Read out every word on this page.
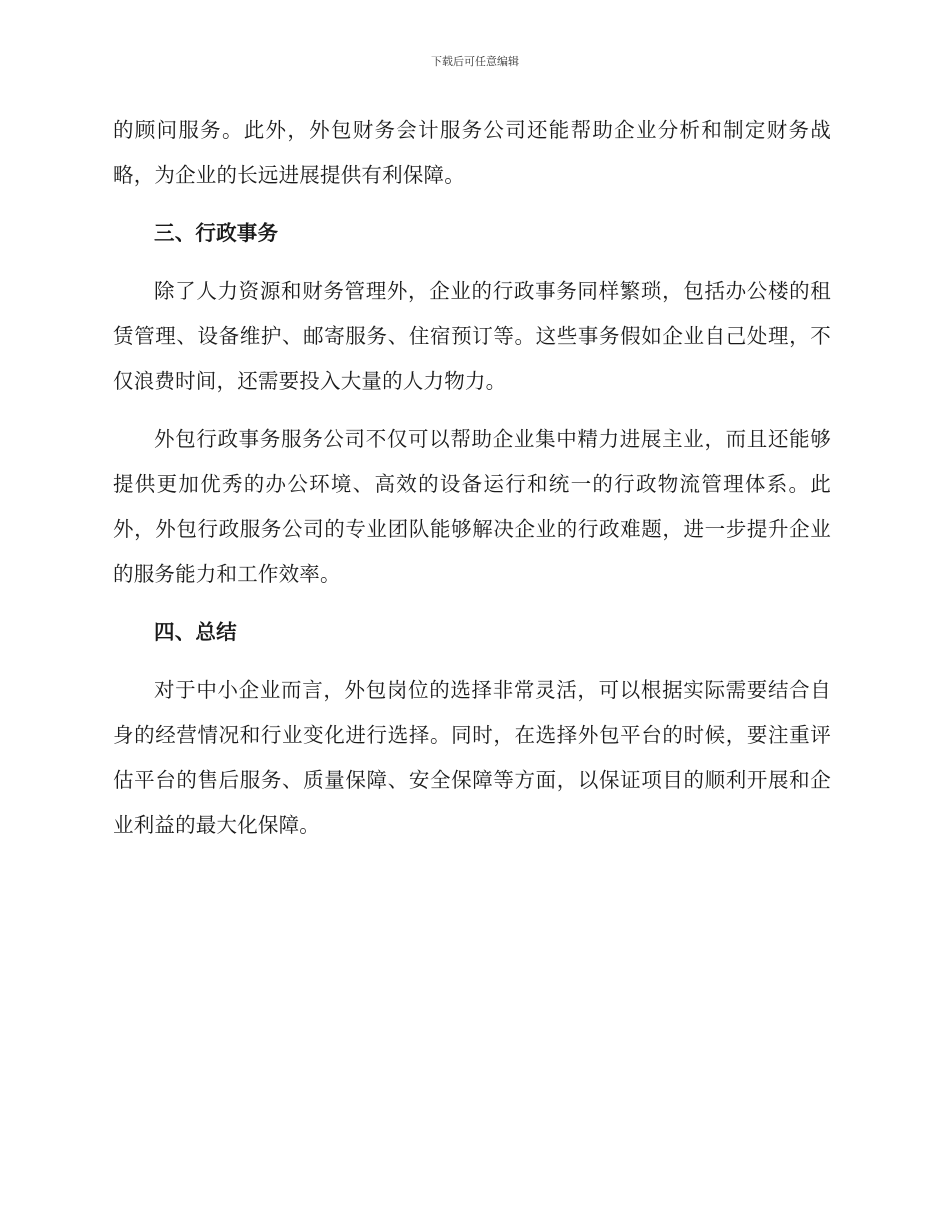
下载后可任意编辑

的顾问服务。此外，外包财务会计服务公司还能帮助企业分析和制定财务战略，为企业的长远进展提供有利保障。

三、行政事务

除了人力资源和财务管理外，企业的行政事务同样繁琐，包括办公楼的租赁管理、设备维护、邮寄服务、住宿预订等。这些事务假如企业自己处理，不仅浪费时间，还需要投入大量的人力物力。

外包行政事务服务公司不仅可以帮助企业集中精力进展主业，而且还能够提供更加优秀的办公环境、高效的设备运行和统一的行政物流管理体系。此外，外包行政服务公司的专业团队能够解决企业的行政难题，进一步提升企业的服务能力和工作效率。

四、总结

对于中小企业而言，外包岗位的选择非常灵活，可以根据实际需要结合自身的经营情况和行业变化进行选择。同时，在选择外包平台的时候，要注重评估平台的售后服务、质量保障、安全保障等方面，以保证项目的顺利开展和企业利益的最大化保障。
